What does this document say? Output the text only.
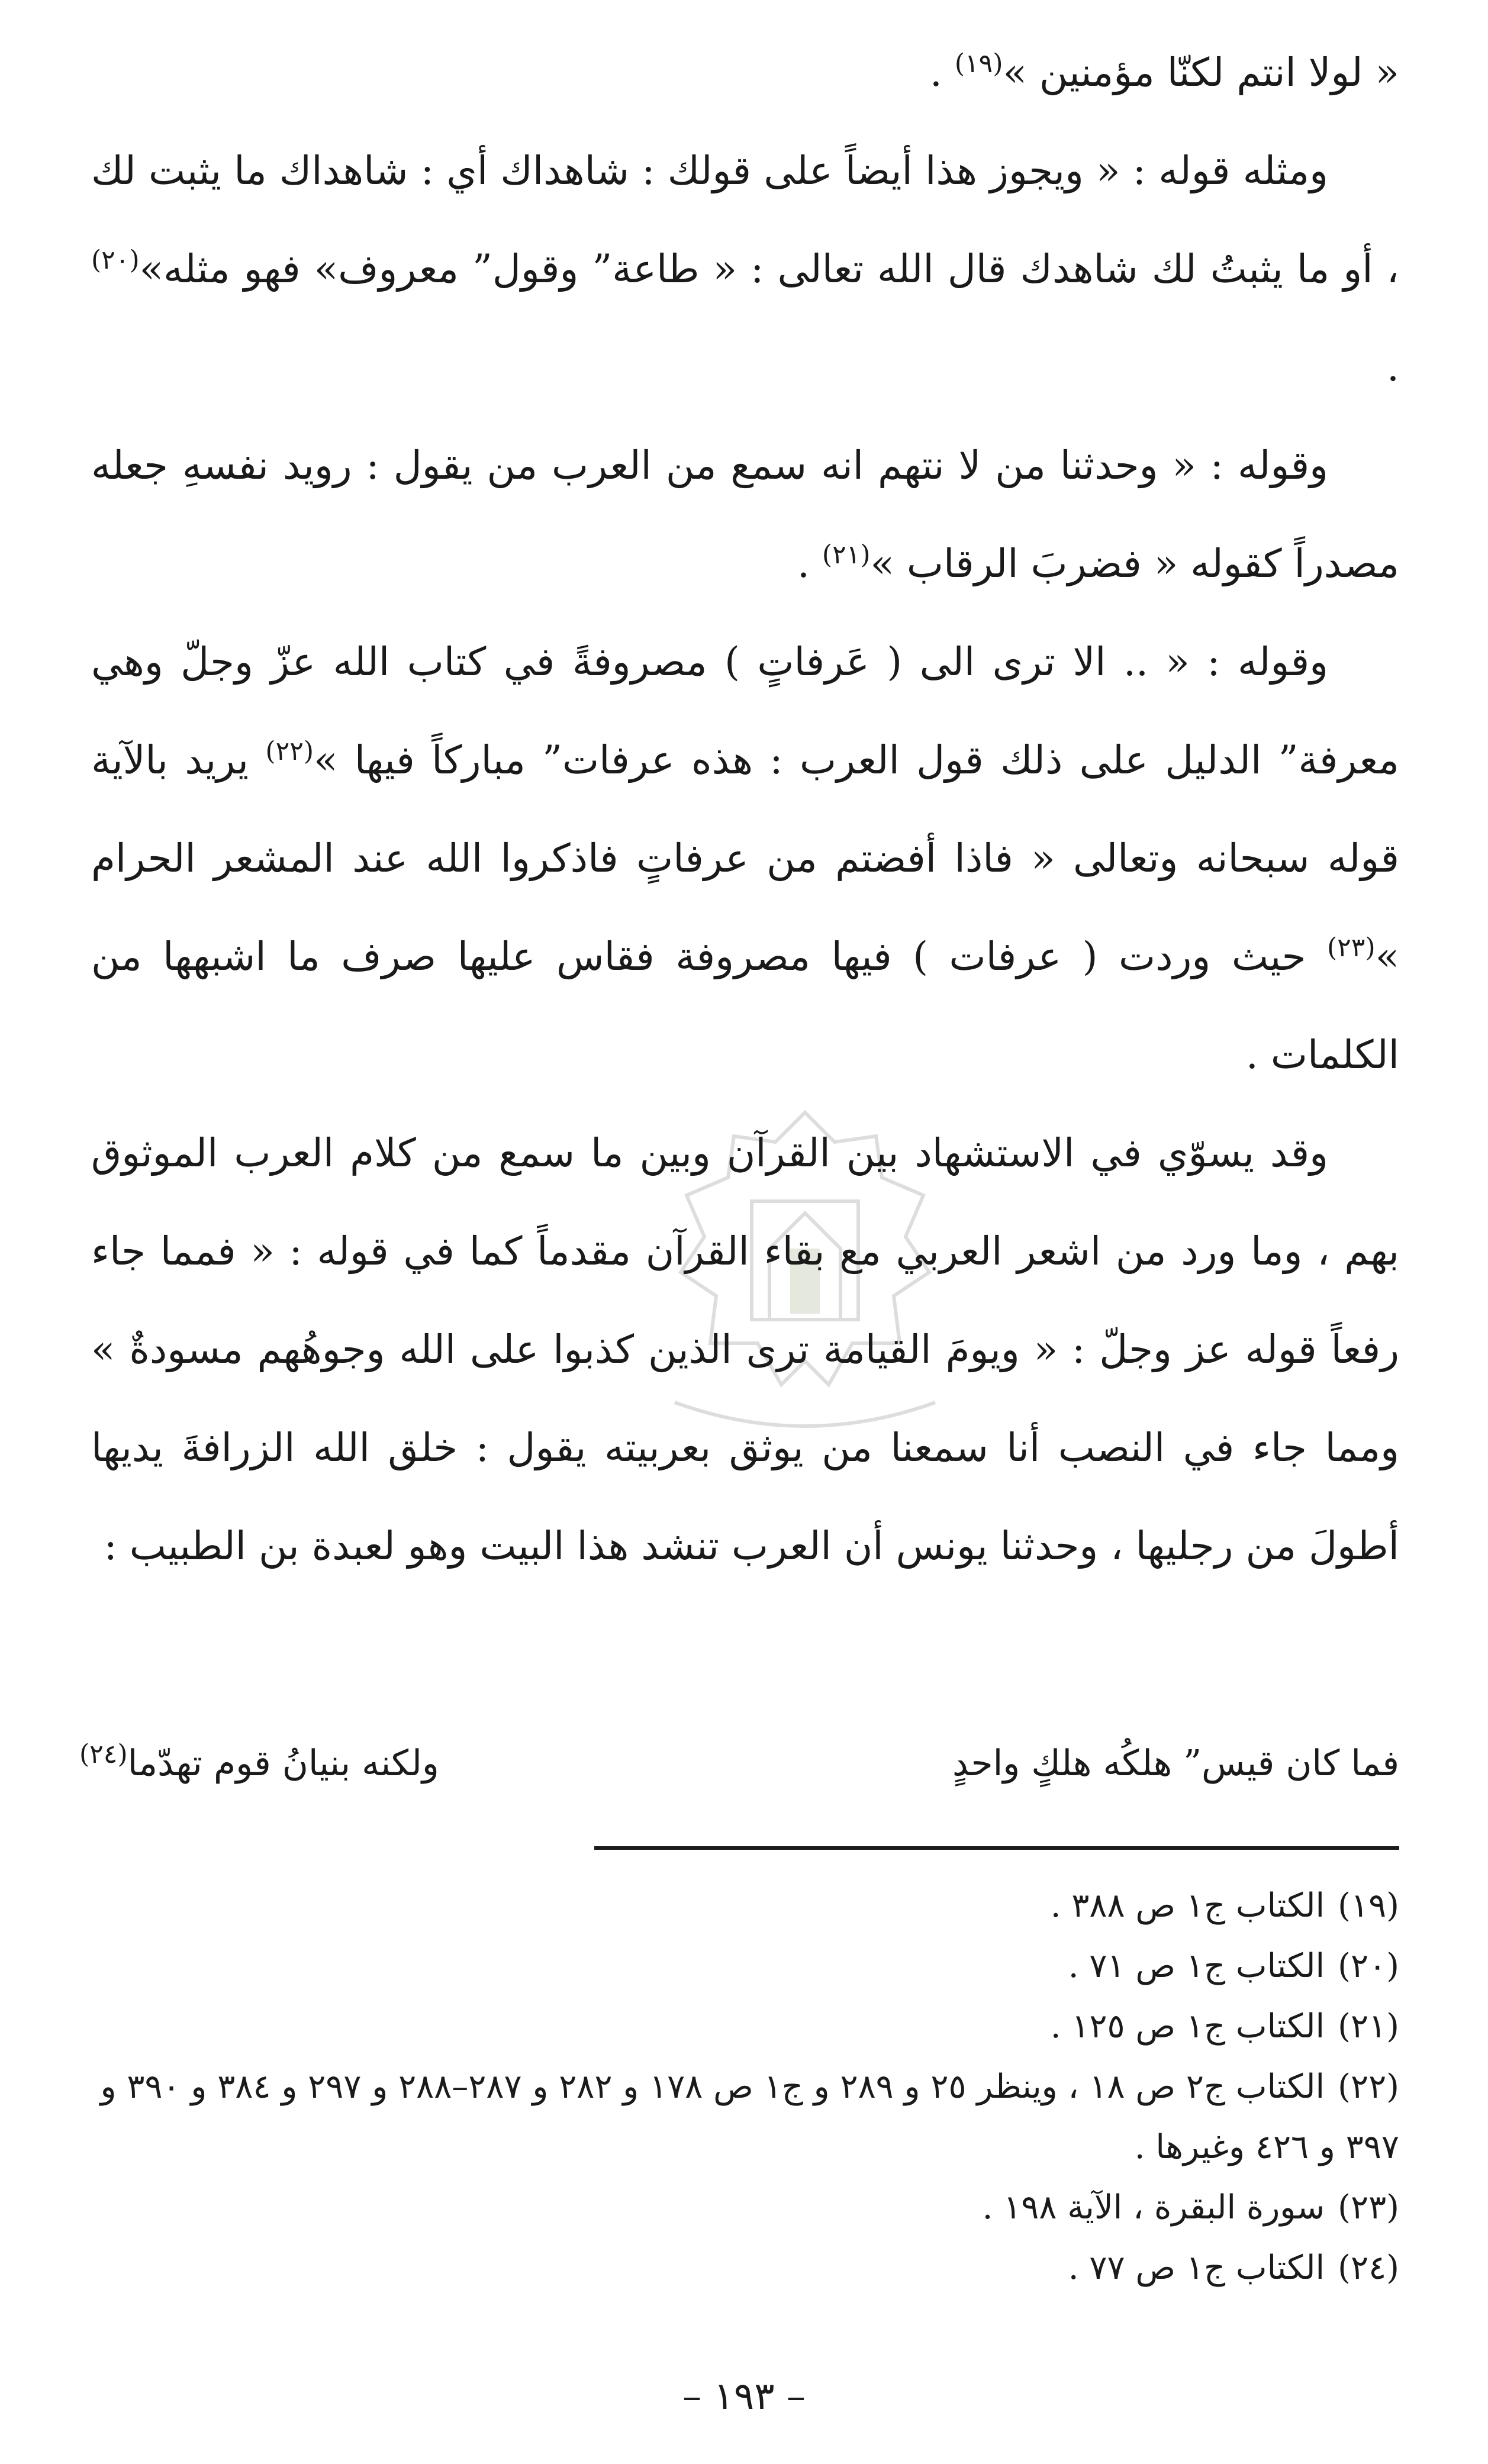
« لولا انتم لكنّا مؤمنين »$^{(١٩)}$ .

ومثله قوله : « ويجوز هذا أيضاً على قولك : شاهداك أي : شاهداك ما يثبت لك ، أو ما يثبتُ لك شاهدك قال الله تعالى : « طاعة” وقول” معروف» فهو مثله»$^{(٢٠)}$ .

وقوله : « وحدثنا من لا نتهم انه سمع من العرب من يقول : رويد نفسهِ جعله مصدراً كقوله « فضربَ الرقاب »$^{(٢١)}$ .

وقوله : « .. الا ترى الى ( عَرفاتٍ ) مصروفةً في كتاب الله عزّ وجلّ وهي معرفة” الدليل على ذلك قول العرب : هذه عرفات” مباركاً فيها »$^{(٢٢)}$ يريد بالآية قوله سبحانه وتعالى « فاذا أفضتم من عرفاتٍ فاذكروا الله عند المشعر الحرام »$^{(٢٣)}$ حيث وردت ( عرفات ) فيها مصروفة فقاس عليها صرف ما اشبهها من الكلمات .

وقد يسوّي في الاستشهاد بين القرآن وبين ما سمع من كلام العرب الموثوق بهم ، وما ورد من اشعر العربي مع بقاء القرآن مقدماً كما في قوله : « فمما جاء رفعاً قوله عز وجلّ : « ويومَ القيامة ترى الذين كذبوا على الله وجوهُهم مسودةٌ » ومما جاء في النصب أنا سمعنا من يوثق بعربيته يقول : خلق الله الزرافةَ يديها أطولَ من رجليها ، وحدثنا يونس أن العرب تنشد هذا البيت وهو لعبدة بن الطبيب :

فما كان قيس” هلكُه هلكٍ واحدٍ
ولكنه بنيانُ قوم تهدّما$^{(٢٤)}$

(١٩)الكتاب ج١ ص ٣٨٨ .

(٢٠)الكتاب ج١ ص ٧١ .

(٢١)الكتاب ج١ ص ١٢٥ .

(٢٢)الكتاب ج٢ ص ١٨ ، وينظر ٢٥ و ٢٨٩ و ج١ ص ١٧٨ و ٢٨٢ و ٢٨٧–٢٨٨ و ٢٩٧ و ٣٨٤ و ٣٩٠ و ٣٩٧ و ٤٢٦ وغيرها .

(٢٣)سورة البقرة ، الآية ١٩٨ .

(٢٤)الكتاب ج١ ص ٧٧ .

– ١٩٣ –
